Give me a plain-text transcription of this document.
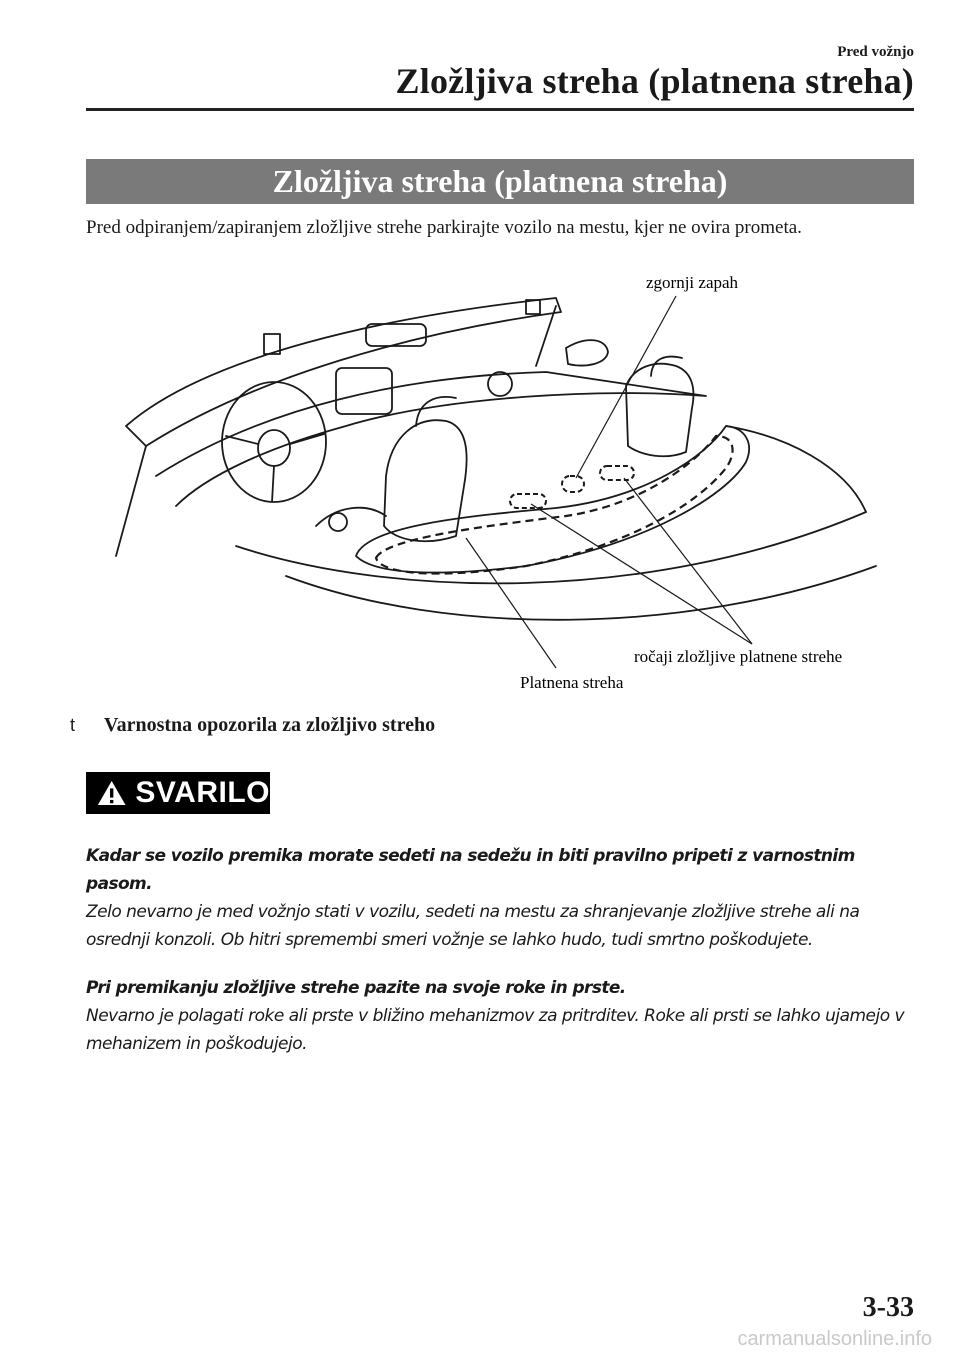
Pred vožnjo
Zložljiva streha (platnena streha)
Zložljiva streha (platnena streha)
Pred odpiranjem/zapiranjem zložljive strehe parkirajte vozilo na mestu, kjer ne ovira prometa.
zgornji zapah
ročaji zložljive platnene strehe
Platnena streha
t	Varnostna opozorila za zložljivo streho
SVARILO
Kadar se vozilo premika morate sedeti na sedežu in biti pravilno pripeti z varnostnim pasom.
Zelo nevarno je med vožnjo stati v vozilu, sedeti na mestu za shranjevanje zložljive strehe ali na osrednji konzoli. Ob hitri spremembi smeri vožnje se lahko hudo, tudi smrtno poškodujete.
Pri premikanju zložljive strehe pazite na svoje roke in prste.
Nevarno je polagati roke ali prste v bližino mehanizmov za pritrditev. Roke ali prsti se lahko ujamejo v mehanizem in poškodujejo.
3-33
carmanualsonline.info
